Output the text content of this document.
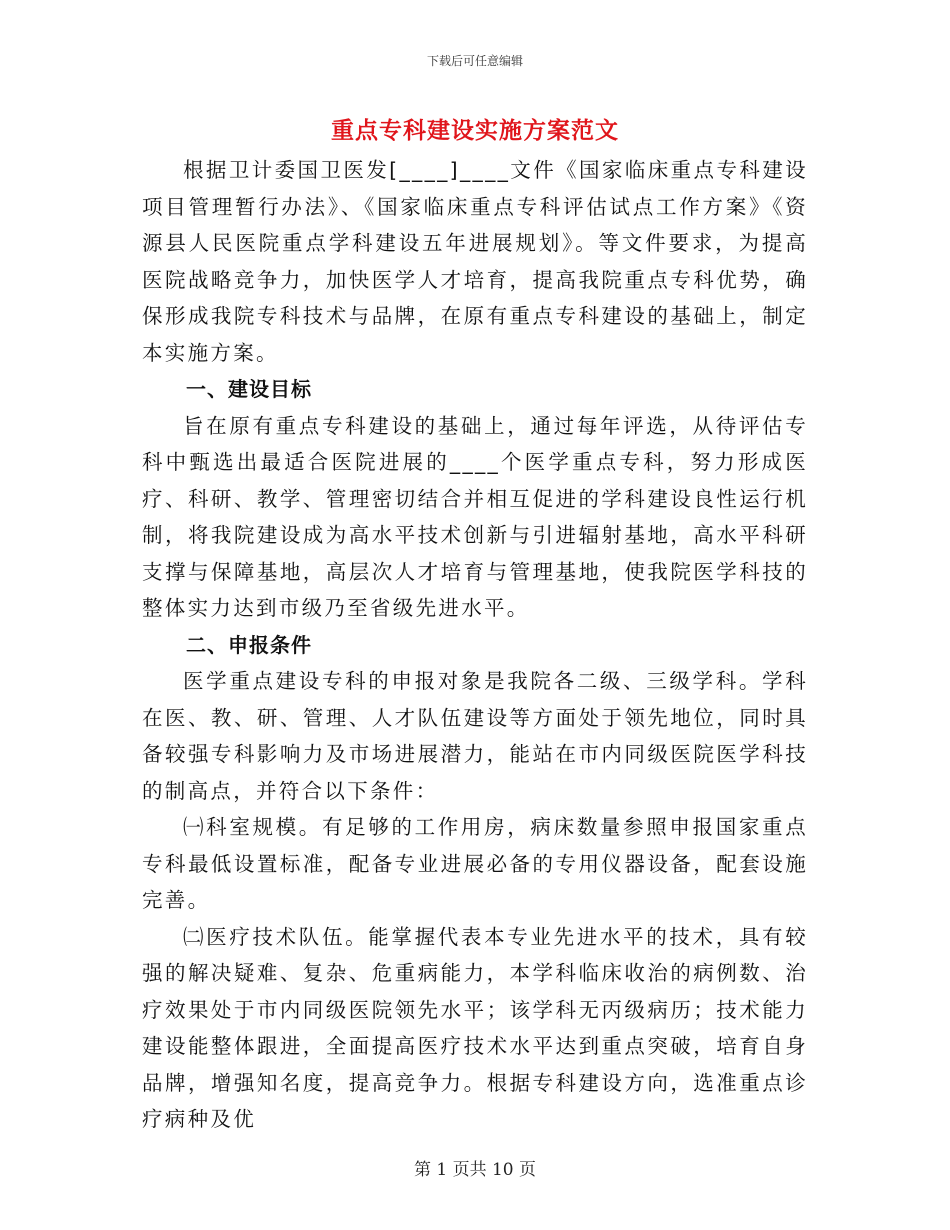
下载后可任意编辑
重点专科建设实施方案范文

根据卫计委国卫医发[____]____文件《国家临床重点专科建设项目管理暂行办法》、《国家临床重点专科评估试点工作方案》《资源县人民医院重点学科建设五年进展规划》。等文件要求，为提高医院战略竞争力，加快医学人才培育，提高我院重点专科优势，确保形成我院专科技术与品牌，在原有重点专科建设的基础上，制定本实施方案。

一、建设目标

旨在原有重点专科建设的基础上，通过每年评选，从待评估专科中甄选出最适合医院进展的____个医学重点专科，努力形成医疗、科研、教学、管理密切结合并相互促进的学科建设良性运行机制，将我院建设成为高水平技术创新与引进辐射基地，高水平科研支撑与保障基地，高层次人才培育与管理基地，使我院医学科技的整体实力达到市级乃至省级先进水平。

二、申报条件

医学重点建设专科的申报对象是我院各二级、三级学科。学科在医、教、研、管理、人才队伍建设等方面处于领先地位，同时具备较强专科影响力及市场进展潜力，能站在市内同级医院医学科技的制高点，并符合以下条件：

㈠科室规模。有足够的工作用房，病床数量参照申报国家重点专科最低设置标准，配备专业进展必备的专用仪器设备，配套设施完善。

㈡医疗技术队伍。能掌握代表本专业先进水平的技术，具有较强的解决疑难、复杂、危重病能力，本学科临床收治的病例数、治疗效果处于市内同级医院领先水平；该学科无丙级病历；技术能力建设能整体跟进，全面提高医疗技术水平达到重点突破，培育自身品牌，增强知名度，提高竞争力。根据专科建设方向，选准重点诊疗病种及优

第 1 页共 10 页
